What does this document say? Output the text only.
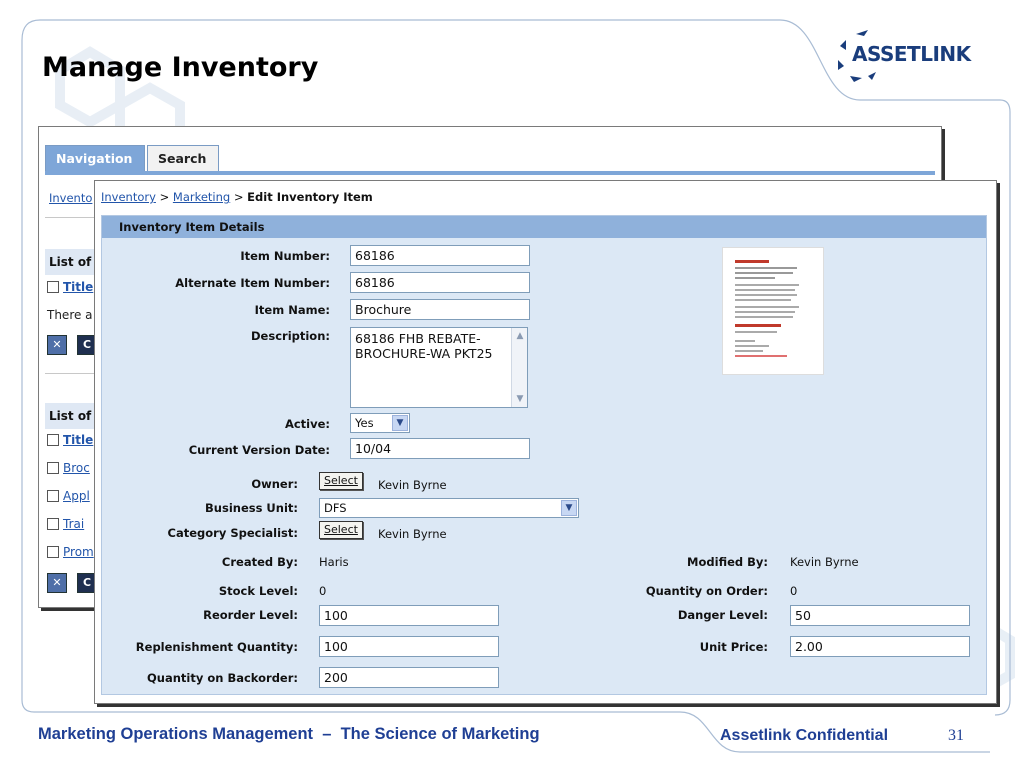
Manage Inventory	ASSETLINK
Navigation	Search
Invento
List of
Title
There a
✕	C
List of
Title
Broc
Appl
Trai
Prom
✕	C
Inventory > Marketing > Edit Inventory Item
Inventory Item Details
Item Number:	68186
Alternate Item Number:	68186
Item Name:	Brochure
Description: 68186 FHB REBATE-BROCHURE-WA PKT25
▲
▼
Active:	Yes	▼
Current Version Date:	10/04
Owner:	Select	Kevin Byrne
Business Unit:	DFS	▼
Category Specialist:	Select	Kevin Byrne
Created By: Haris	Modified By: Kevin Byrne
Stock Level: 0	Quantity on Order: 0
Reorder Level:	100	Danger Level:	50
Replenishment Quantity:	100	Unit Price:	2.00
Quantity on Backorder:	200
Marketing Operations Management  –  The Science of Marketing	Assetlink Confidential	31
